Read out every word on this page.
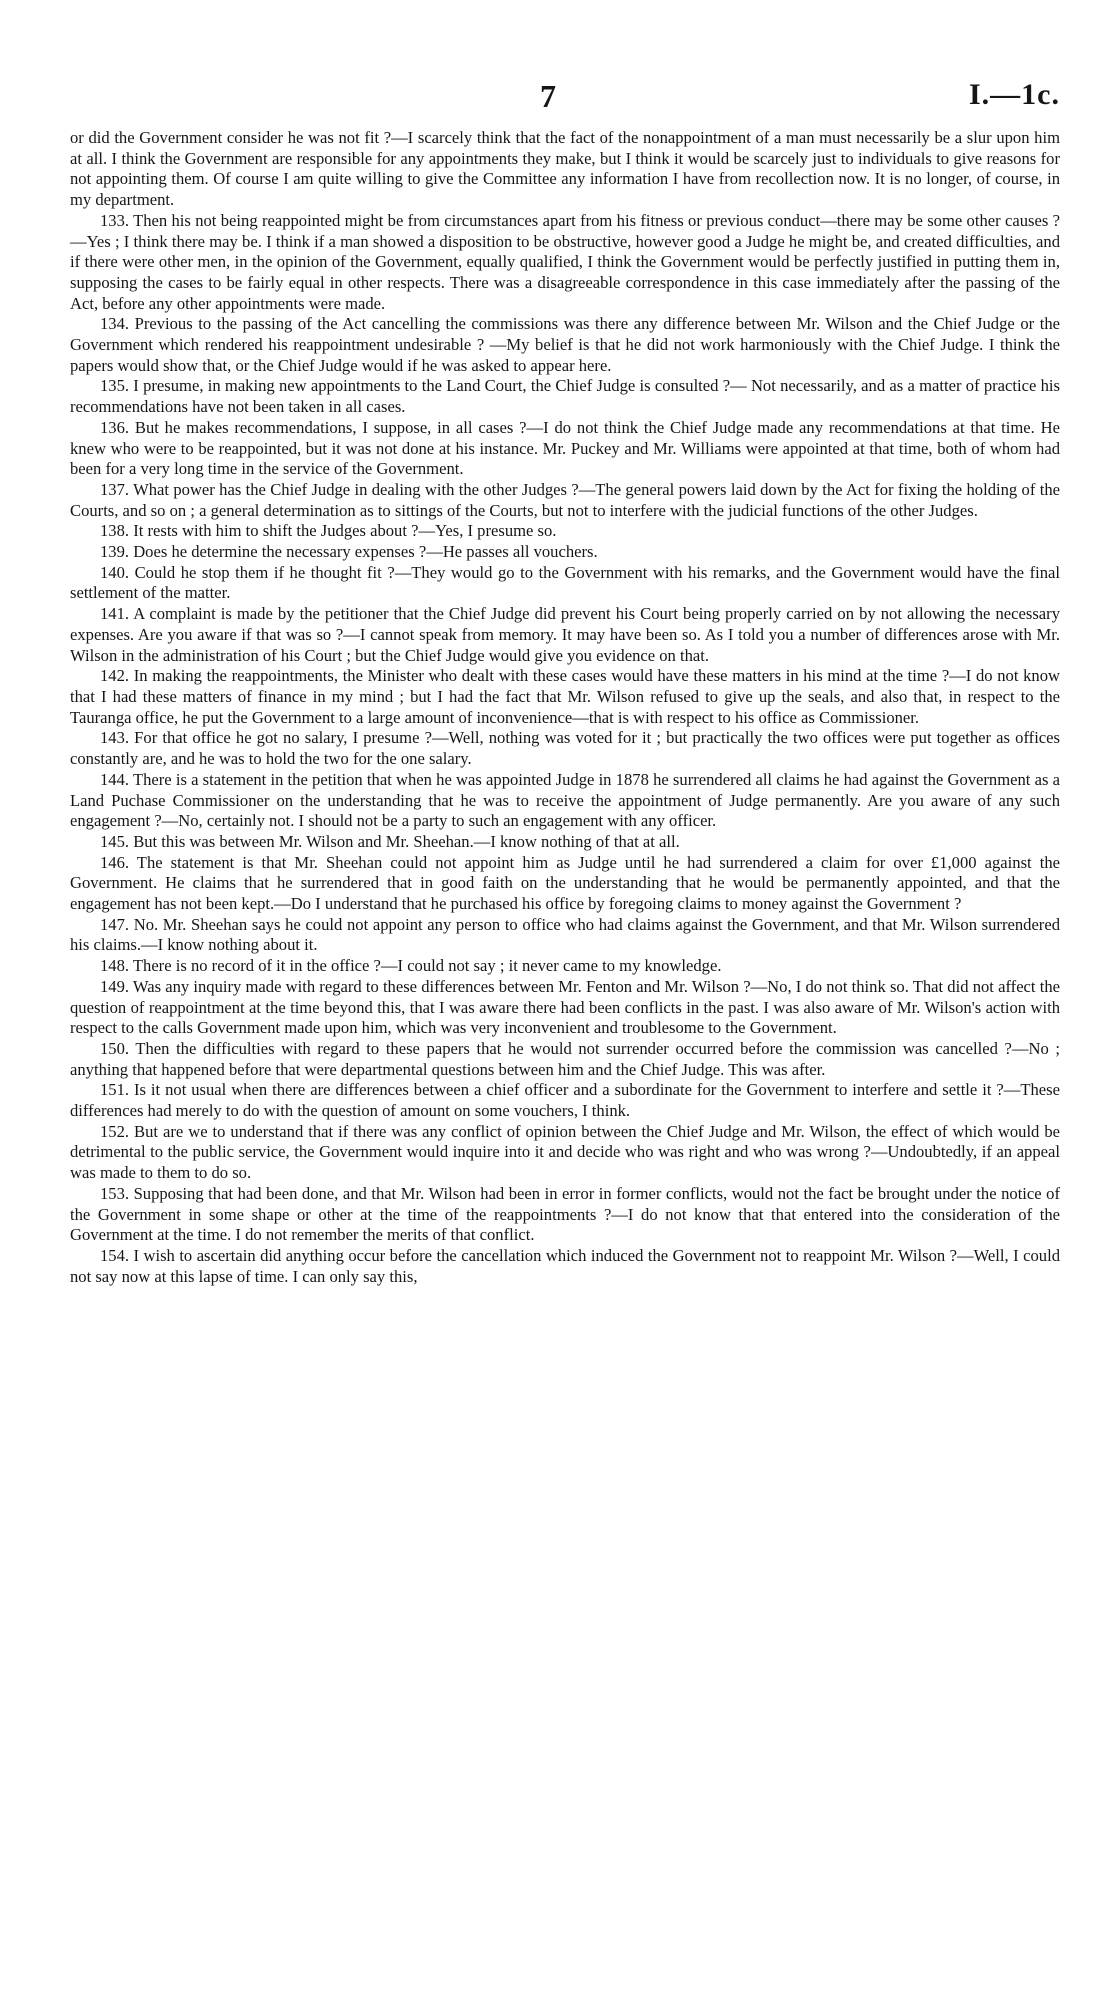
7	I.—1c.

or did the Government consider he was not fit ?—I scarcely think that the fact of the nonappointment of a man must necessarily be a slur upon him at all. I think the Government are responsible for any appointments they make, but I think it would be scarcely just to individuals to give reasons for not appointing them. Of course I am quite willing to give the Committee any information I have from recollection now. It is no longer, of course, in my department.

133. Then his not being reappointed might be from circumstances apart from his fitness or previous conduct—there may be some other causes ?—Yes ; I think there may be. I think if a man showed a disposition to be obstructive, however good a Judge he might be, and created difficulties, and if there were other men, in the opinion of the Government, equally qualified, I think the Government would be perfectly justified in putting them in, supposing the cases to be fairly equal in other respects. There was a disagreeable correspondence in this case immediately after the passing of the Act, before any other appointments were made.

134. Previous to the passing of the Act cancelling the commissions was there any difference between Mr. Wilson and the Chief Judge or the Government which rendered his reappointment undesirable ? —My belief is that he did not work harmoniously with the Chief Judge. I think the papers would show that, or the Chief Judge would if he was asked to appear here.

135. I presume, in making new appointments to the Land Court, the Chief Judge is consulted ?— Not necessarily, and as a matter of practice his recommendations have not been taken in all cases.

136. But he makes recommendations, I suppose, in all cases ?—I do not think the Chief Judge made any recommendations at that time. He knew who were to be reappointed, but it was not done at his instance. Mr. Puckey and Mr. Williams were appointed at that time, both of whom had been for a very long time in the service of the Government.

137. What power has the Chief Judge in dealing with the other Judges ?—The general powers laid down by the Act for fixing the holding of the Courts, and so on ; a general determination as to sittings of the Courts, but not to interfere with the judicial functions of the other Judges.

138. It rests with him to shift the Judges about ?—Yes, I presume so.

139. Does he determine the necessary expenses ?—He passes all vouchers.

140. Could he stop them if he thought fit ?—They would go to the Government with his remarks, and the Government would have the final settlement of the matter.

141. A complaint is made by the petitioner that the Chief Judge did prevent his Court being properly carried on by not allowing the necessary expenses. Are you aware if that was so ?—I cannot speak from memory. It may have been so. As I told you a number of differences arose with Mr. Wilson in the administration of his Court ; but the Chief Judge would give you evidence on that.

142. In making the reappointments, the Minister who dealt with these cases would have these matters in his mind at the time ?—I do not know that I had these matters of finance in my mind ; but I had the fact that Mr. Wilson refused to give up the seals, and also that, in respect to the Tauranga office, he put the Government to a large amount of inconvenience—that is with respect to his office as Commissioner.

143. For that office he got no salary, I presume ?—Well, nothing was voted for it ; but practically the two offices were put together as offices constantly are, and he was to hold the two for the one salary.

144. There is a statement in the petition that when he was appointed Judge in 1878 he surrendered all claims he had against the Government as a Land Puchase Commissioner on the understanding that he was to receive the appointment of Judge permanently. Are you aware of any such engagement ?—No, certainly not. I should not be a party to such an engagement with any officer.

145. But this was between Mr. Wilson and Mr. Sheehan.—I know nothing of that at all.

146. The statement is that Mr. Sheehan could not appoint him as Judge until he had surrendered a claim for over £1,000 against the Government. He claims that he surrendered that in good faith on the understanding that he would be permanently appointed, and that the engagement has not been kept.—Do I understand that he purchased his office by foregoing claims to money against the Government ?

147. No. Mr. Sheehan says he could not appoint any person to office who had claims against the Government, and that Mr. Wilson surrendered his claims.—I know nothing about it.

148. There is no record of it in the office ?—I could not say ; it never came to my knowledge.

149. Was any inquiry made with regard to these differences between Mr. Fenton and Mr. Wilson ?—No, I do not think so. That did not affect the question of reappointment at the time beyond this, that I was aware there had been conflicts in the past. I was also aware of Mr. Wilson's action with respect to the calls Government made upon him, which was very inconvenient and troublesome to the Government.

150. Then the difficulties with regard to these papers that he would not surrender occurred before the commission was cancelled ?—No ; anything that happened before that were departmental questions between him and the Chief Judge. This was after.

151. Is it not usual when there are differences between a chief officer and a subordinate for the Government to interfere and settle it ?—These differences had merely to do with the question of amount on some vouchers, I think.

152. But are we to understand that if there was any conflict of opinion between the Chief Judge and Mr. Wilson, the effect of which would be detrimental to the public service, the Government would inquire into it and decide who was right and who was wrong ?—Undoubtedly, if an appeal was made to them to do so.

153. Supposing that had been done, and that Mr. Wilson had been in error in former conflicts, would not the fact be brought under the notice of the Government in some shape or other at the time of the reappointments ?—I do not know that that entered into the consideration of the Government at the time. I do not remember the merits of that conflict.

154. I wish to ascertain did anything occur before the cancellation which induced the Government not to reappoint Mr. Wilson ?—Well, I could not say now at this lapse of time. I can only say this,
